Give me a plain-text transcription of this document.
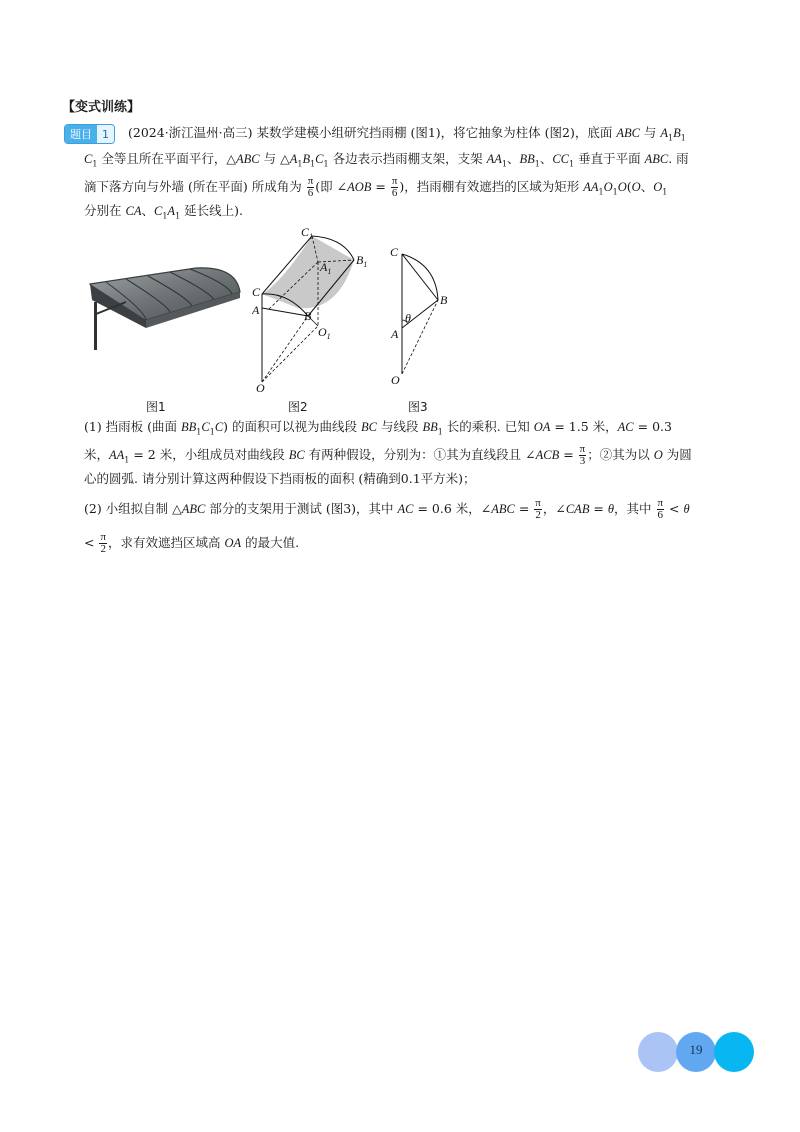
【变式训练】
题目 1	(2024·浙江温州·高三) 某数学建模小组研究挡雨棚 (图1)，将它抽象为柱体 (图2)，底面 ABC 与 $A_1B_1$
$C_1$ 全等且所在平面平行，△ABC 与 $\triangle A_1B_1C_1$ 各边表示挡雨棚支架，支架 $AA_1$、$BB_1$、$CC_1$ 垂直于平面 ABC. 雨
滴下落方向与外墙 (所在平面) 所成角为 $\frac{\pi}{6}$ (即 ∠AOB = $\frac{\pi}{6}$ )，挡雨棚有效遮挡的区域为矩形 $AA_1O_1O(O$、$O_1$
分别在 CA、$C_1A_1$ 延长线上).
$C_1$
$A_1$
$B_1$
C
A	B
$O_1$
O
C
B
A
O
θ
图1	图2	图3
(1) 挡雨板 (曲面 $BB_1C_1C$) 的面积可以视为曲线段 BC 与线段 $BB_1$ 长的乘积. 已知 OA = 1.5 米，AC = 0.3
米，$AA_1 = 2$ 米，小组成员对曲线段 BC 有两种假设，分别为：①其为直线段且 ∠ACB = $\frac{\pi}{3}$ ；②其为以 O 为圆
心的圆弧. 请分别计算这两种假设下挡雨板的面积 (精确到0.1平方米)；
(2) 小组拟自制 △ABC 部分的支架用于测试 (图3)，其中 AC = 0.6 米，∠ABC = $\frac{\pi}{2}$ ，∠CAB = θ，其中 $\frac{\pi}{6} < \theta$
< $\frac{\pi}{2}$ ，求有效遮挡区域高 OA 的最大值.
19
